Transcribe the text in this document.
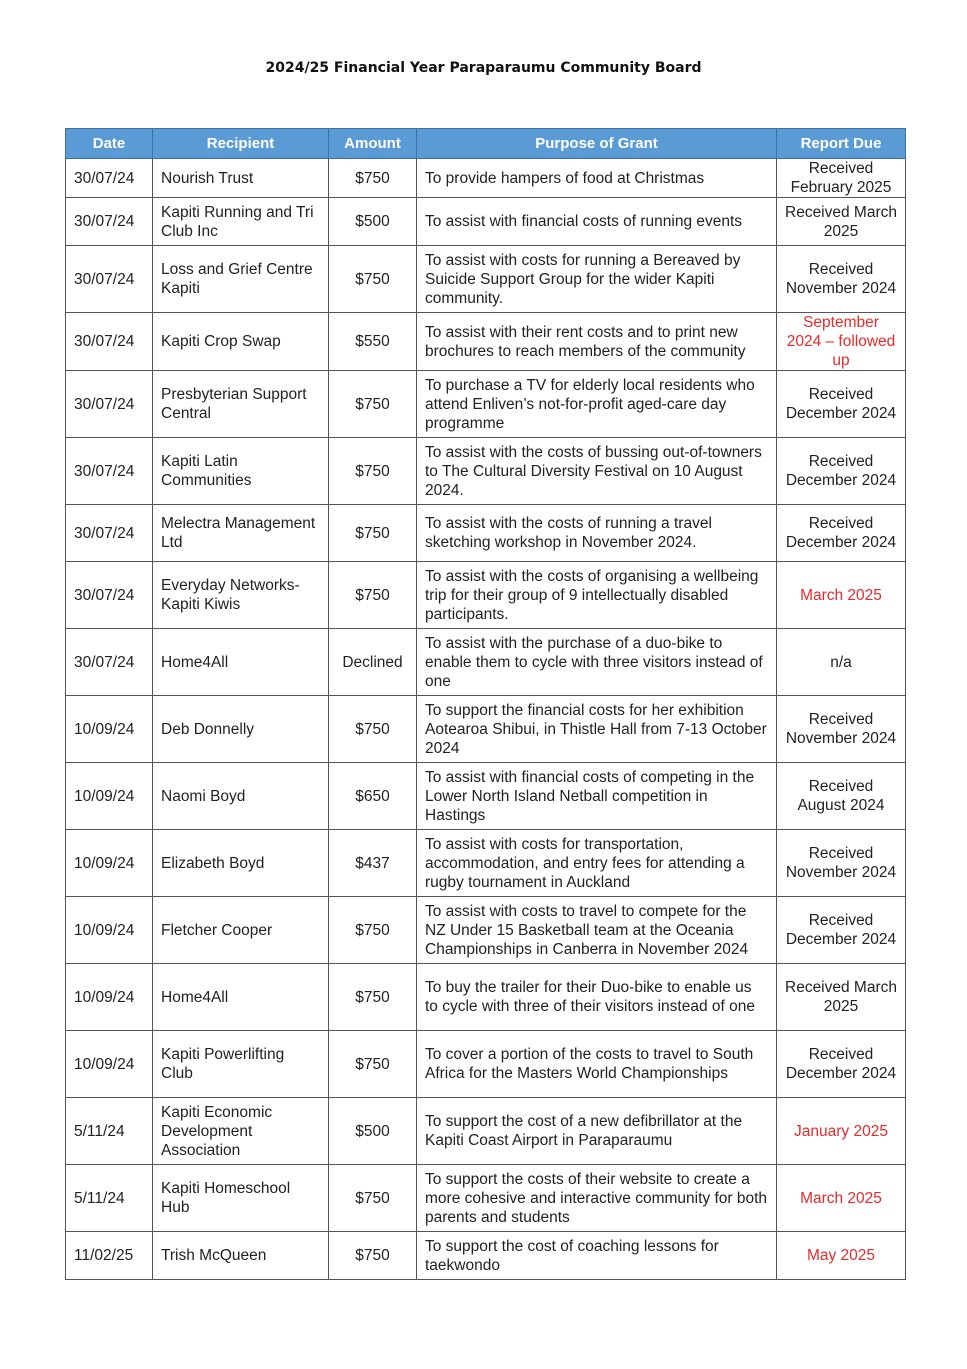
2024/25 Financial Year Paraparaumu Community Board
Date	Recipient	Amount	Purpose of Grant	Report Due
30/07/24	Nourish Trust	$750	To provide hampers of food at Christmas	Received February 2025
30/07/24	Kapiti Running and Tri Club Inc	$500	To assist with financial costs of running events	Received March 2025
30/07/24	Loss and Grief Centre Kapiti	$750	To assist with costs for running a Bereaved by Suicide Support Group for the wider Kapiti community.	Received November 2024
30/07/24	Kapiti Crop Swap	$550	To assist with their rent costs and to print new brochures to reach members of the community	September 2024 – followed up
30/07/24	Presbyterian Support Central	$750	To purchase a TV for elderly local residents who attend Enliven’s not-for-profit aged-care day programme	Received December 2024
30/07/24	Kapiti Latin Communities	$750	To assist with the costs of bussing out-of-towners to The Cultural Diversity Festival on 10 August 2024.	Received December 2024
30/07/24	Melectra Management Ltd	$750	To assist with the costs of running a travel sketching workshop in November 2024.	Received December 2024
30/07/24	Everyday Networks-Kapiti Kiwis	$750	To assist with the costs of organising a wellbeing trip for their group of 9 intellectually disabled participants.	March 2025
30/07/24	Home4All	Declined	To assist with the purchase of a duo-bike to enable them to cycle with three visitors instead of one	n/a
10/09/24	Deb Donnelly	$750	To support the financial costs for her exhibition Aotearoa Shibui, in Thistle Hall from 7-13 October 2024	Received November 2024
10/09/24	Naomi Boyd	$650	To assist with financial costs of competing in the Lower North Island Netball competition in Hastings	Received August 2024
10/09/24	Elizabeth Boyd	$437	To assist with costs for transportation, accommodation, and entry fees for attending a rugby tournament in Auckland	Received November 2024
10/09/24	Fletcher Cooper	$750	To assist with costs to travel to compete for the NZ Under 15 Basketball team at the Oceania Championships in Canberra in November 2024	Received December 2024
10/09/24	Home4All	$750	To buy the trailer for their Duo-bike to enable us to cycle with three of their visitors instead of one	Received March 2025
10/09/24	Kapiti Powerlifting Club	$750	To cover a portion of the costs to travel to South Africa for the Masters World Championships	Received December 2024
5/11/24	Kapiti Economic Development Association	$500	To support the cost of a new defibrillator at the Kapiti Coast Airport in Paraparaumu	January 2025
5/11/24	Kapiti Homeschool Hub	$750	To support the costs of their website to create a more cohesive and interactive community for both parents and students	March 2025
11/02/25	Trish McQueen	$750	To support the cost of coaching lessons for taekwondo	May 2025
